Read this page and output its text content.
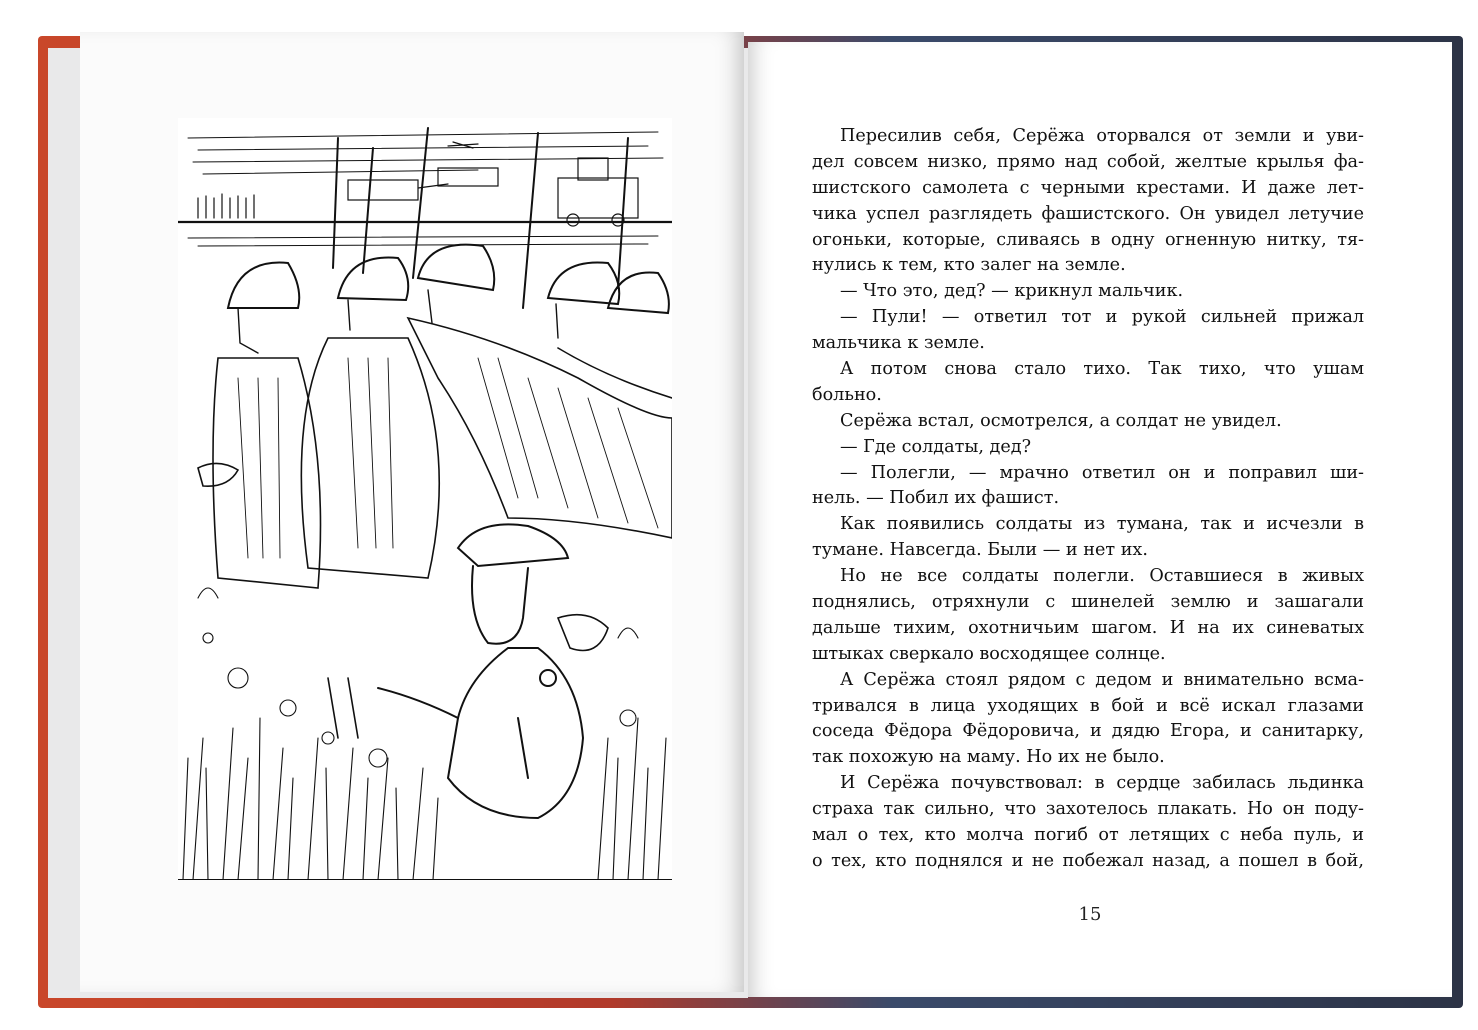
Пересилив себя, Серёжа оторвался от земли и уви-
дел совсем низко, прямо над собой, желтые крылья фа-
шистского самолета с черными крестами. И даже лет-
чика успел разглядеть фашистского. Он увидел летучие
огоньки, которые, сливаясь в одну огненную нитку, тя-
нулись к тем, кто залег на земле.
— Что это, дед? — крикнул мальчик.
— Пули! — ответил тот и рукой сильней прижал
мальчика к земле.
А потом снова стало тихо. Так тихо, что ушам
больно.
Серёжа встал, осмотрелся, а солдат не увидел.
— Где солдаты, дед?
— Полегли, — мрачно ответил он и поправил ши-
нель. — Побил их фашист.
Как появились солдаты из тумана, так и исчезли в
тумане. Навсегда. Были — и нет их.
Но не все солдаты полегли. Оставшиеся в живых
поднялись, отряхнули с шинелей землю и зашагали
дальше тихим, охотничьим шагом. И на их синеватых
штыках сверкало восходящее солнце.
А Серёжа стоял рядом с дедом и внимательно всма-
тривался в лица уходящих в бой и всё искал глазами
соседа Фёдора Фёдоровича, и дядю Егора, и санитарку,
так похожую на маму. Но их не было.
И Серёжа почувствовал: в сердце забилась льдинка
страха так сильно, что захотелось плакать. Но он поду-
мал о тех, кто молча погиб от летящих с неба пуль, и
о тех, кто поднялся и не побежал назад, а пошел в бой,
15
